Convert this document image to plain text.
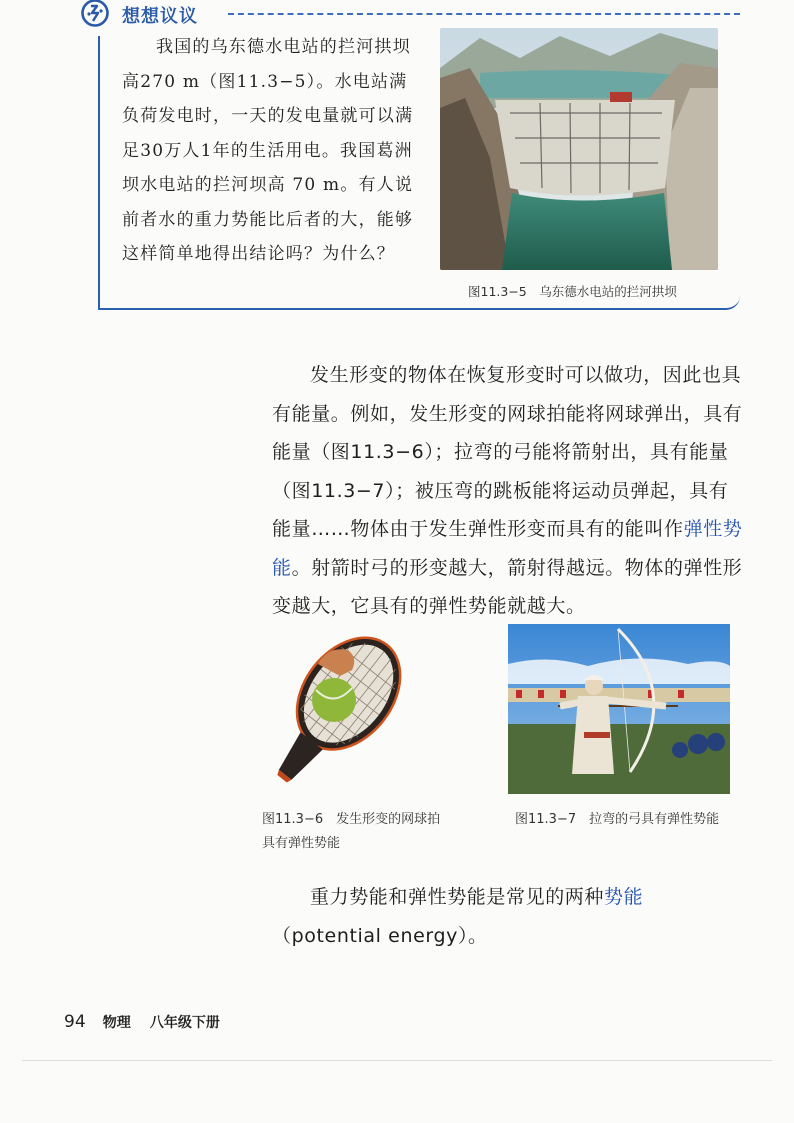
想想议议

我国的乌东德水电站的拦河拱坝高270 m（图11.3−5）。水电站满负荷发电时，一天的发电量就可以满足30万人1年的生活用电。我国葛洲坝水电站的拦河坝高 70 m。有人说前者水的重力势能比后者的大，能够这样简单地得出结论吗？为什么？

图11.3−5　乌东德水电站的拦河拱坝

发生形变的物体在恢复形变时可以做功，因此也具有能量。例如，发生形变的网球拍能将网球弹出，具有能量（图11.3−6）；拉弯的弓能将箭射出，具有能量（图11.3−7）；被压弯的跳板能将运动员弹起，具有能量……物体由于发生弹性形变而具有的能叫作弹性势能。射箭时弓的形变越大，箭射得越远。物体的弹性形变越大，它具有的弹性势能就越大。

图11.3−6　发生形变的网球拍具有弹性势能
图11.3−7　拉弯的弓具有弹性势能

重力势能和弹性势能是常见的两种势能（potential energy）。

94 物理 八年级下册
